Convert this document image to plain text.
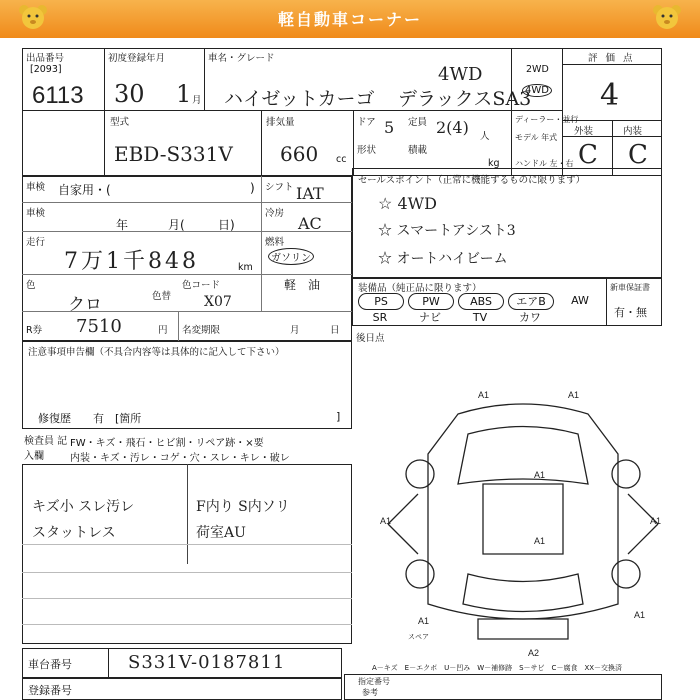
軽自動車コーナー
出品番号
[2093]
6113
初度登録年月
30 1 月
車名・グレード
4WD
ハイゼットカーゴ デラックスSA3
2WD
4WD
評価点
4
型式
EBD-S331V
排気量
660 cc
ドア 5 定員 2(4) 人
形状	積載
kg
ディーラー・並行
モデル 年式
ハンドル 左・右
外装	内装
C C
車検 自家用・(	)
車検
年	月(	日)
走行
7万1千848	km
色
クロ	色替
色コード
X07
R券 7510	円 名変期限	月	日
シフト IAT
冷房
AC
燃料
ガソリン
軽　油
セールスポイント（正常に機能するものに限ります）
☆ 4WD
☆ スマートアシスト3
☆ オートハイビーム
装備品（純正品に限ります）	新車保証書
有・無
PS	PW	ABS	エアB	AW
SR	ナビ	TV	カワ
後日点
注意事項申告欄（不具合内容等は具体的に記入して下さい）
修復歴　　有　[箇所	]
検査員 記入欄
FW・キズ・飛石・ヒビ割・リペア跡・×要
内装・キズ・汚レ・コゲ・穴・スレ・キレ・破レ
キズ小 スレ汚レ	F内り S内ソリ
スタットレス	荷室AU
A1	A1
A1
A1
A1	A1
A1
A2
A1
スペア
A－キズ　E－エクボ　U－凹み　W－補修跡　S－サビ　C－腐食　XX－交換済
車台番号	S331V-0187811
登録番号
指定番号
参考
